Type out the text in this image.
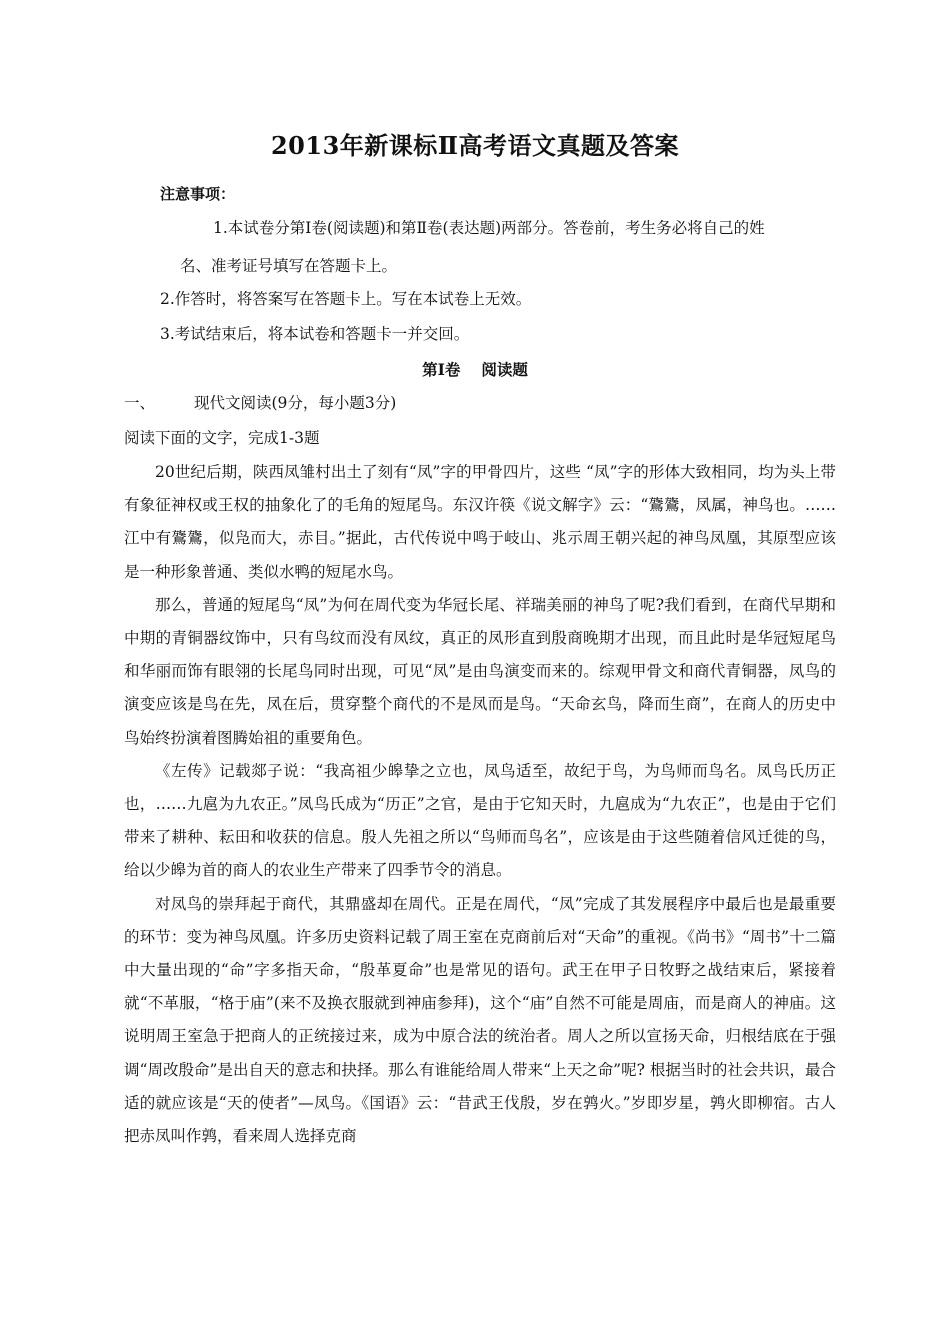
2013年新课标Ⅱ高考语文真题及答案
注意事项：
1.本试卷分第Ⅰ卷(阅读题)和第Ⅱ卷(表达题)两部分。答卷前，考生务必将自己的姓
名、准考证号填写在答题卡上。
2.作答时，将答案写在答题卡上。写在本试卷上无效。
3.考试结束后，将本试卷和答题卡一并交回。
第Ⅰ卷　 阅读题
一、	现代文阅读(9分，每小题3分)
阅读下面的文字，完成1-3题

20世纪后期，陕西凤雏村出土了刻有“凤”字的甲骨四片，这些 “凤”字的形体大致相同，均为头上带有象征神权或王权的抽象化了的毛角的短尾鸟。东汉许筷《说文解字》云：“鷟鷟，凤属，神鸟也。……江中有鷟鷟，似凫而大，赤目。”据此，古代传说中鸣于岐山、兆示周王朝兴起的神鸟凤凰，其原型应该是一种形象普通、类似水鸭的短尾水鸟。

那么，普通的短尾鸟“凤”为何在周代变为华冠长尾、祥瑞美丽的神鸟了呢?我们看到，在商代早期和中期的青铜器纹饰中，只有鸟纹而没有凤纹，真正的凤形直到殷商晚期才出现，而且此时是华冠短尾鸟和华丽而饰有眼翎的长尾鸟同时出现，可见“凤”是由鸟演变而来的。综观甲骨文和商代青铜器，凤鸟的演变应该是鸟在先，凤在后，贯穿整个商代的不是凤而是鸟。“天命玄鸟，降而生商”，在商人的历史中鸟始终扮演着图腾始祖的重要角色。

《左传》记载郯子说：“我高祖少皞挚之立也，凤鸟适至，故纪于鸟，为鸟师而鸟名。凤鸟氏历正也，……九扈为九农正。”凤鸟氏成为“历正”之官，是由于它知天时，九扈成为“九农正”，也是由于它们带来了耕种、耘田和收获的信息。殷人先祖之所以“鸟师而鸟名”，应该是由于这些随着信风迁徙的鸟，给以少皞为首的商人的农业生产带来了四季节令的消息。

对凤鸟的崇拜起于商代，其鼎盛却在周代。正是在周代，“凤”完成了其发展程序中最后也是最重要的环节：变为神鸟凤凰。许多历史资料记载了周王室在克商前后对“天命”的重视。《尚书》“周书”十二篇中大量出现的“命”字多指天命，“殷革夏命”也是常见的语句。武王在甲子日牧野之战结束后，紧接着就“不革服，“格于庙”(来不及换衣服就到神庙参拜)，这个“庙”自然不可能是周庙，而是商人的神庙。这说明周王室急于把商人的正统接过来，成为中原合法的统治者。周人之所以宣扬天命，归根结底在于强调“周改殷命”是出自天的意志和抉择。那么有谁能给周人带来“上天之命”呢? 根据当时的社会共识，最合适的就应该是“天的使者”—凤鸟。《国语》云：“昔武王伐殷，岁在鹑火。”岁即岁星，鹑火即柳宿。古人把赤凤叫作鹑，看来周人选择克商
